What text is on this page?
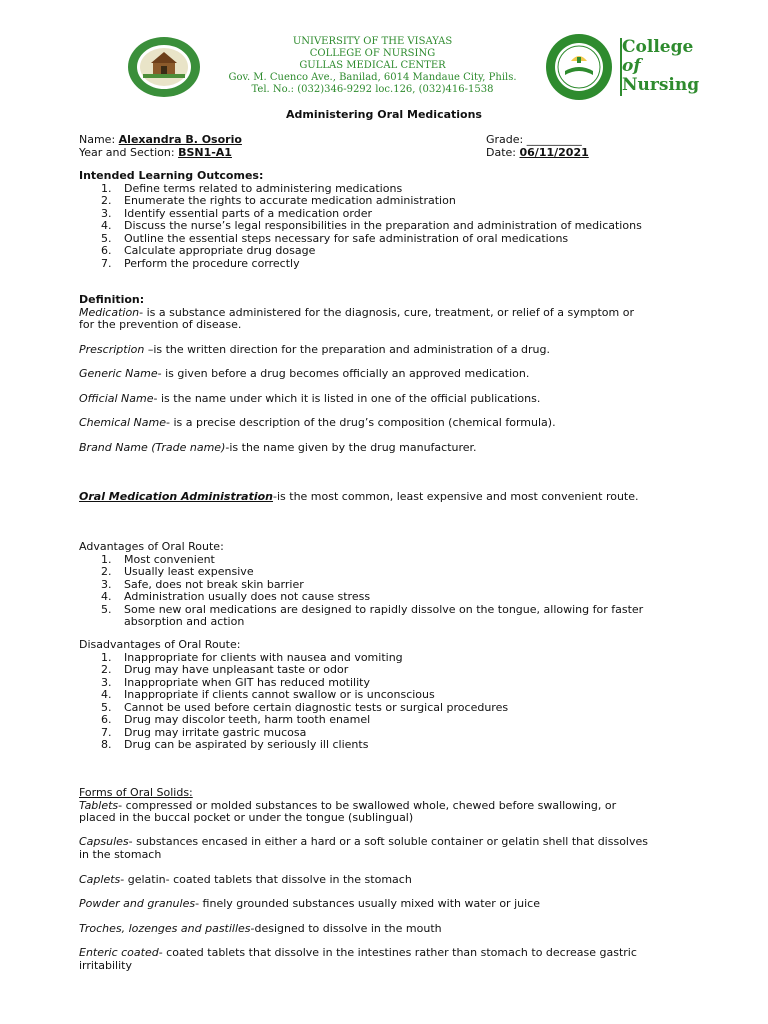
UNIVERSITY OF THE VISAYAS
COLLEGE OF NURSING
GULLAS MEDICAL CENTER
Gov. M. Cuenco Ave., Banilad, 6014 Mandaue City, Phils.
Tel. No.: (032)346-9292 loc.126, (032)416-1538
College
of
Nursing
Administering Oral Medications
Name: Alexandra B. Osorio	Grade: __________
Year and Section: BSN1-A1	Date: 06/11/2021
Intended Learning Outcomes:
1. Define terms related to administering medications
2. Enumerate the rights to accurate medication administration
3. Identify essential parts of a medication order
4. Discuss the nurse’s legal responsibilities in the preparation and administration of medications
5. Outline the essential steps necessary for safe administration of oral medications
6. Calculate appropriate drug dosage
7. Perform the procedure correctly
Definition:
Medication- is a substance administered for the diagnosis, cure, treatment, or relief of a symptom or for the prevention of disease.
Prescription –is the written direction for the preparation and administration of a drug.
Generic Name- is given before a drug becomes officially an approved medication.
Official Name- is the name under which it is listed in one of the official publications.
Chemical Name- is a precise description of the drug’s composition (chemical formula).
Brand Name (Trade name)-is the name given by the drug manufacturer.
Oral Medication Administration-is the most common, least expensive and most convenient route.
Advantages of Oral Route:
1. Most convenient
2. Usually least expensive
3. Safe, does not break skin barrier
4. Administration usually does not cause stress
5. Some new oral medications are designed to rapidly dissolve on the tongue, allowing for faster absorption and action
Disadvantages of Oral Route:
1. Inappropriate for clients with nausea and vomiting
2. Drug may have unpleasant taste or odor
3. Inappropriate when GIT has reduced motility
4. Inappropriate if clients cannot swallow or is unconscious
5. Cannot be used before certain diagnostic tests or surgical procedures
6. Drug may discolor teeth, harm tooth enamel
7. Drug may irritate gastric mucosa
8. Drug can be aspirated by seriously ill clients
Forms of Oral Solids:
Tablets- compressed or molded substances to be swallowed whole, chewed before swallowing, or placed in the buccal pocket or under the tongue (sublingual)
Capsules- substances encased in either a hard or a soft soluble container or gelatin shell that dissolves in the stomach
Caplets- gelatin- coated tablets that dissolve in the stomach
Powder and granules- finely grounded substances usually mixed with water or juice
Troches, lozenges and pastilles-designed to dissolve in the mouth
Enteric coated- coated tablets that dissolve in the intestines rather than stomach to decrease gastric irritability
